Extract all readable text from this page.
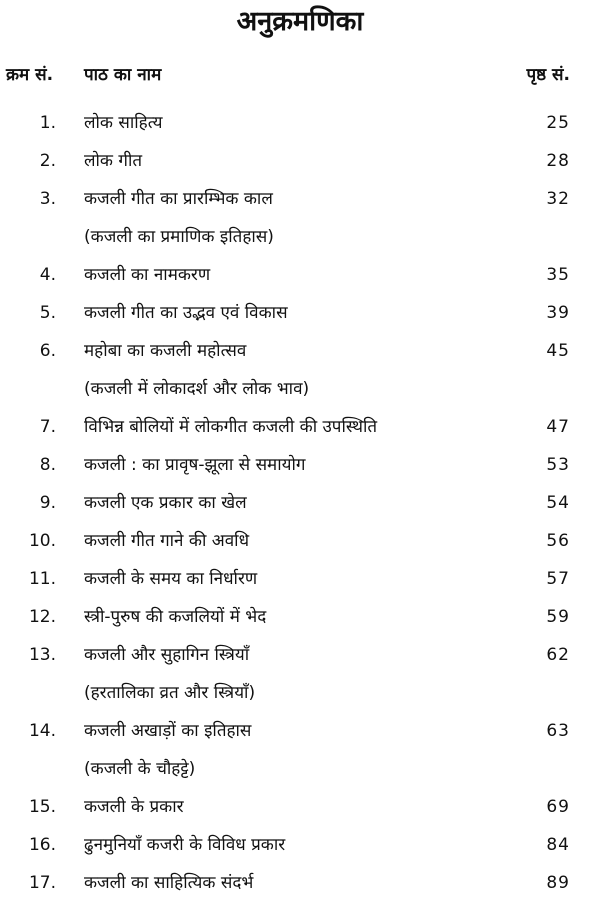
अनुक्रमणिका
क्रम सं. पाठ का नाम	पृष्ठ सं.
1. लोक साहित्य	25
2. लोक गीत	28
3. कजली गीत का प्रारम्भिक काल	32
(कजली का प्रमाणिक इतिहास)
4. कजली का नामकरण	35
5. कजली गीत का उद्भव एवं विकास	39
6. महोबा का कजली महोत्सव	45
(कजली में लोकादर्श और लोक भाव)
7. विभिन्न बोलियों में लोकगीत कजली की उपस्थिति	47
8. कजली : का प्रावृष-झूला से समायोग	53
9. कजली एक प्रकार का खेल	54
10. कजली गीत गाने की अवधि	56
11. कजली के समय का निर्धारण	57
12. स्त्री-पुरुष की कजलियों में भेद	59
13. कजली और सुहागिन स्त्रियाँ	62
(हरतालिका व्रत और स्त्रियाँ)
14. कजली अखाड़ों का इतिहास	63
(कजली के चौहट्टे)
15. कजली के प्रकार	69
16. ढुनमुनियाँ कजरी के विविध प्रकार	84
17. कजली का साहित्यिक संदर्भ	89
